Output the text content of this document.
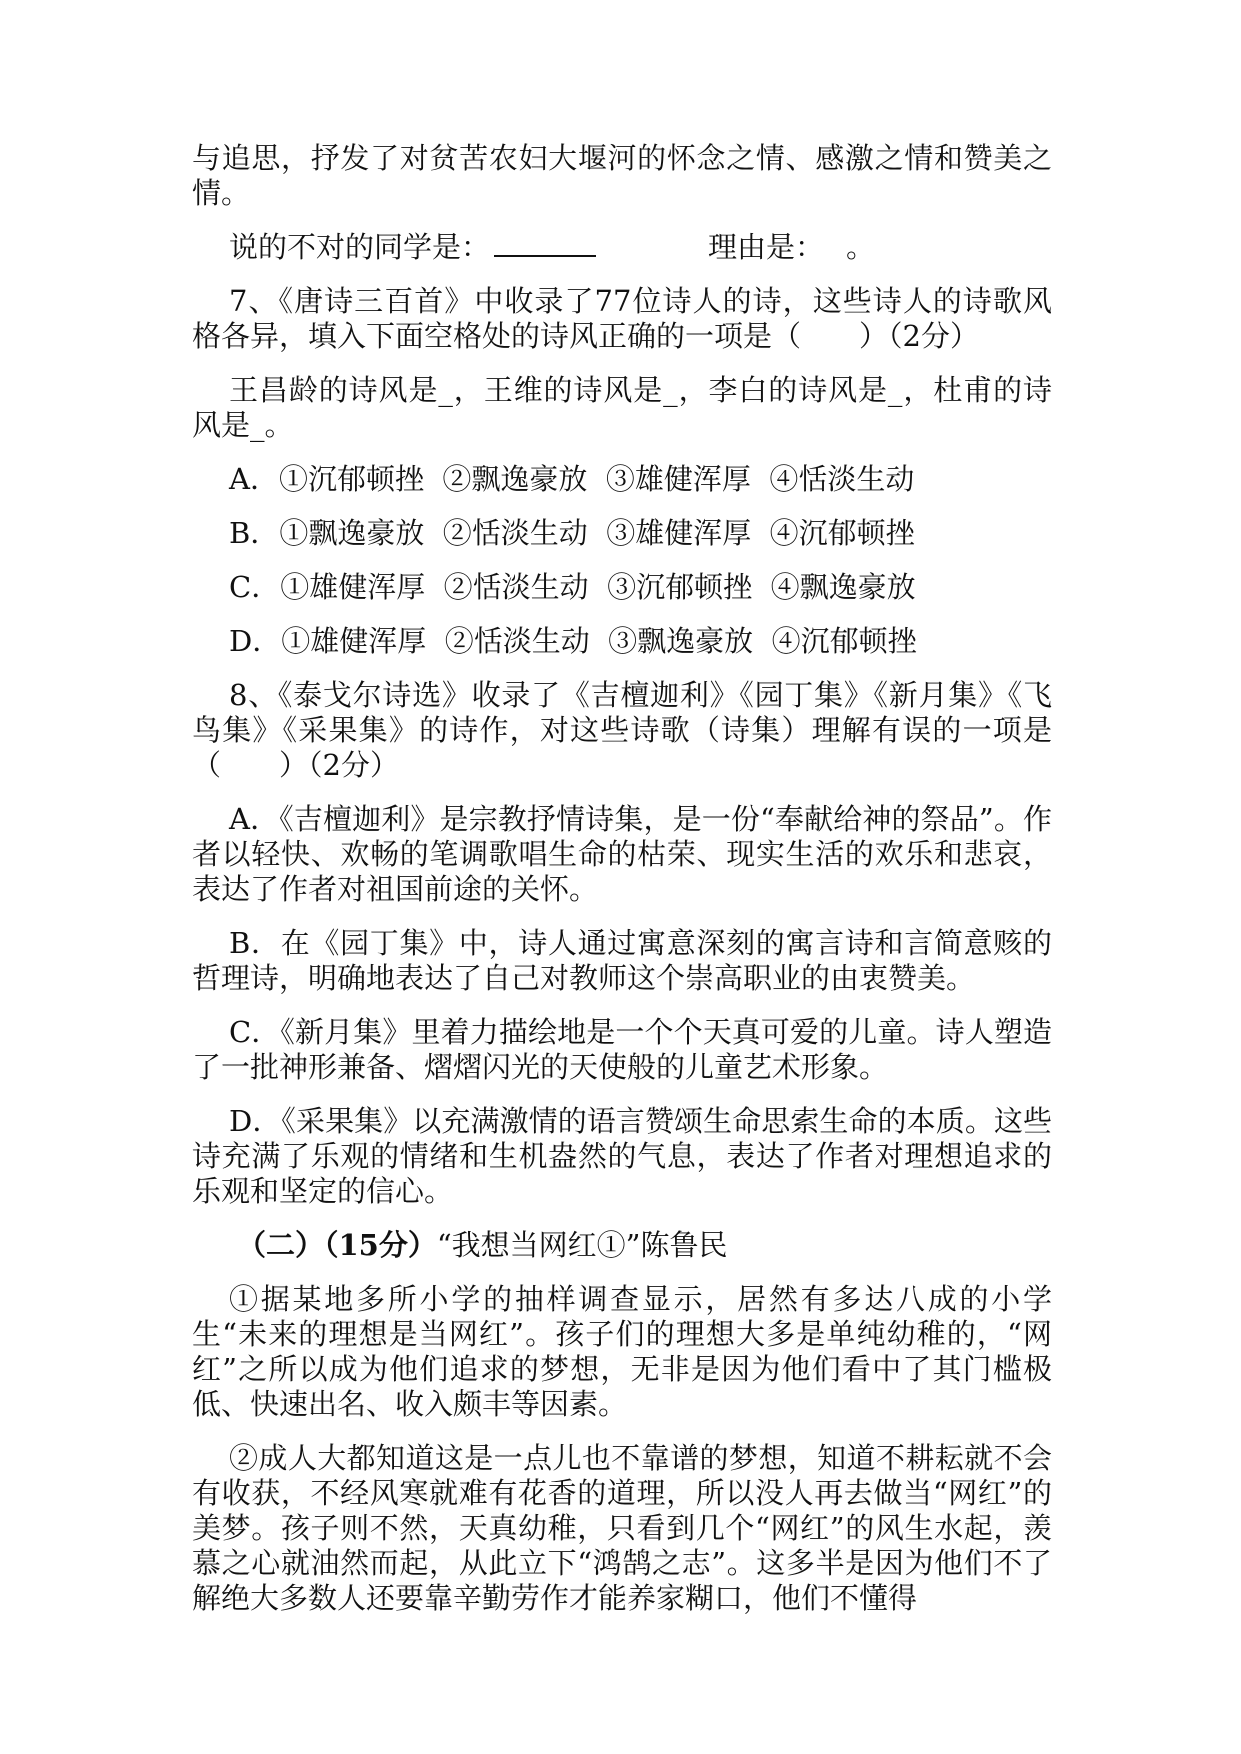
与追思，抒发了对贫苦农妇大堰河的怀念之情、感激之情和赞美之情。

说的不对的同学是：	理由是： 。

7、《唐诗三百首》中收录了77位诗人的诗，这些诗人的诗歌风格各异，填入下面空格处的诗风正确的一项是（　　）（2分）

王昌龄的诗风是_，王维的诗风是_，李白的诗风是_，杜甫的诗风是_。

A．①沉郁顿挫 ②飘逸豪放 ③雄健浑厚 ④恬淡生动
B．①飘逸豪放 ②恬淡生动 ③雄健浑厚 ④沉郁顿挫
C．①雄健浑厚 ②恬淡生动 ③沉郁顿挫 ④飘逸豪放
D．①雄健浑厚 ②恬淡生动 ③飘逸豪放 ④沉郁顿挫

8、《泰戈尔诗选》收录了《吉檀迦利》《园丁集》《新月集》《飞鸟集》《采果集》的诗作，对这些诗歌（诗集）理解有误的一项是（　　）（2分）

A．《吉檀迦利》是宗教抒情诗集，是一份“奉献给神的祭品”。作者以轻快、欢畅的笔调歌唱生命的枯荣、现实生活的欢乐和悲哀，表达了作者对祖国前途的关怀。

B．在《园丁集》中，诗人通过寓意深刻的寓言诗和言简意赅的哲理诗，明确地表达了自己对教师这个崇高职业的由衷赞美。

C．《新月集》里着力描绘地是一个个天真可爱的儿童。诗人塑造了一批神形兼备、熠熠闪光的天使般的儿童艺术形象。

D．《采果集》以充满激情的语言赞颂生命思索生命的本质。这些诗充满了乐观的情绪和生机盎然的气息，表达了作者对理想追求的乐观和坚定的信心。

（二）（15分）“我想当网红①”陈鲁民

①据某地多所小学的抽样调查显示，居然有多达八成的小学生“未来的理想是当网红”。孩子们的理想大多是单纯幼稚的，“网红”之所以成为他们追求的梦想，无非是因为他们看中了其门槛极低、快速出名、收入颇丰等因素。

②成人大都知道这是一点儿也不靠谱的梦想，知道不耕耘就不会有收获，不经风寒就难有花香的道理，所以没人再去做当“网红”的美梦。孩子则不然，天真幼稚，只看到几个“网红”的风生水起，羡慕之心就油然而起，从此立下“鸿鹄之志”。这多半是因为他们不了解绝大多数人还要靠辛勤劳作才能养家糊口，他们不懂得
